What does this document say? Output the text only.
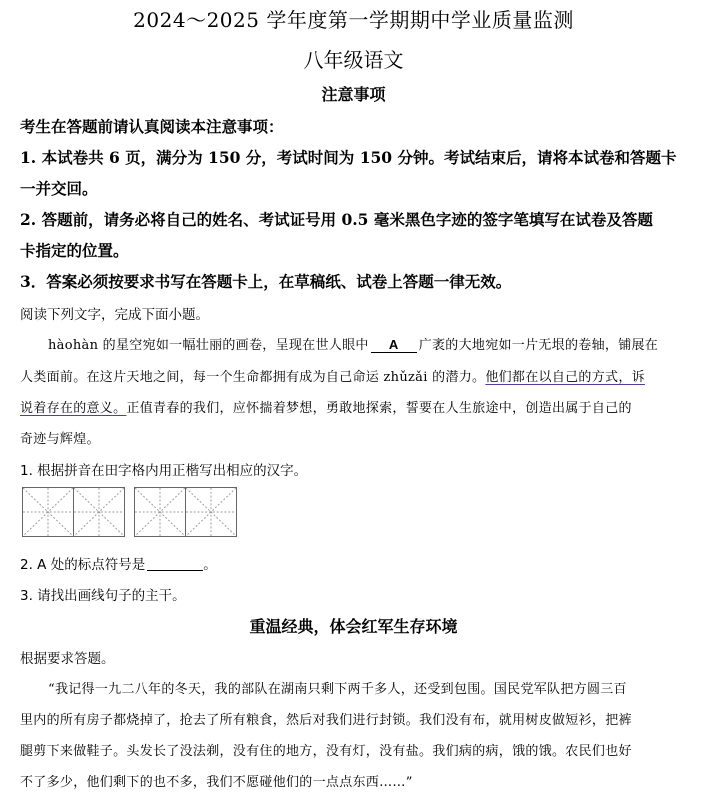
2024～2025 学年度第一学期期中学业质量监测
八年级语文
注意事项
考生在答题前请认真阅读本注意事项：
1. 本试卷共 6 页，满分为 150 分，考试时间为 150 分钟。考试结束后，请将本试卷和答题卡
一并交回。
2. 答题前，请务必将自己的姓名、考试证号用 0.5 毫米黑色字迹的签字笔填写在试卷及答题
卡指定的位置。
3．答案必须按要求书写在答题卡上，在草稿纸、试卷上答题一律无效。
阅读下列文字，完成下面小题。
hàohàn 的星空宛如一幅壮丽的画卷，呈现在世人眼中 A 广袤的大地宛如一片无垠的卷轴，铺展在
人类面前。在这片天地之间，每一个生命都拥有成为自己命运 zhǔzǎi 的潜力。他们都在以自己的方式，诉
说着存在的意义。正值青春的我们，应怀揣着梦想，勇敢地探索，誓要在人生旅途中，创造出属于自己的
奇迹与辉煌。
1. 根据拼音在田字格内用正楷写出相应的汉字。
2. A 处的标点符号是	。
3. 请找出画线句子的主干。
重温经典，体会红军生存环境
根据要求答题。
“我记得一九二八年的冬天，我的部队在湖南只剩下两千多人，还受到包围。国民党军队把方圆三百
里内的所有房子都烧掉了，抢去了所有粮食，然后对我们进行封锁。我们没有布，就用树皮做短衫，把裤
腿剪下来做鞋子。头发长了没法剃，没有住的地方，没有灯，没有盐。我们病的病，饿的饿。农民们也好
不了多少，他们剩下的也不多，我们不愿碰他们的一点点东西……”
